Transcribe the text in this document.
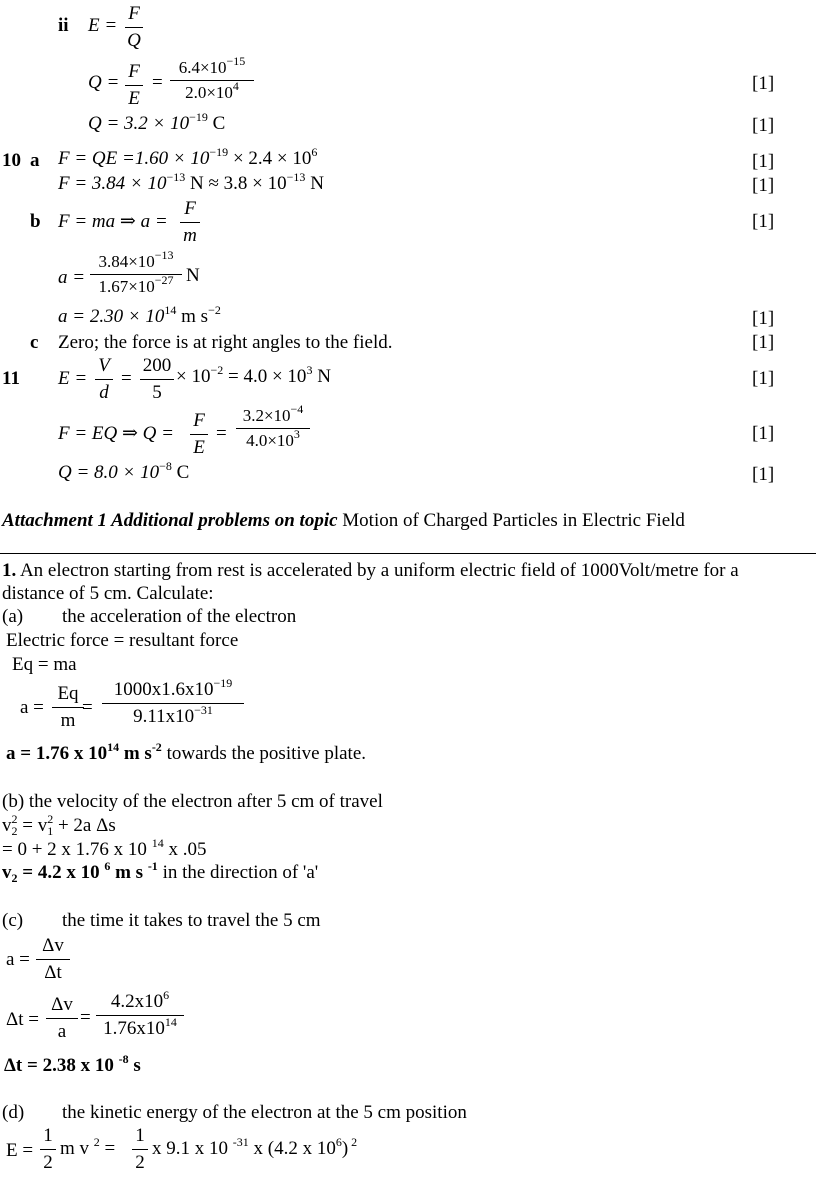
ii E =
F
Q
Q =
F
E
=
$6.4\times 10^{-15}$
$2.0\times 10^4$	[1]
$Q = 3.2 \times 10^{-19}$ C	[1]
10 a F = QE $=1.60 \times 10^{-19} \times 2.4 \times 10^6$	[1]
$F = 3.84 \times 10^{-13}$ $N \approx 3.8 \times 10^{-13}$ N	[1]
b F = ma ⇒ a =
F
m
[1]
a =
$3.84\times 10^{-13}$
$1.67\times 10^{-27}$ N
$a = 2.30 \times 10^{14}$ m $s^{-2}$	[1]
c Zero; the force is at right angles to the field.	[1]
11 E =
V
d
=
200
5
× $10^{-2} = 4.0 \times 10^3$ N	[1]
F = EQ ⇒ Q =
F
E
=
$3.2\times 10^{-4}$
$4.0\times 10^3$	[1]
$Q = 8.0 \times 10^{-8}$ C	[1]
Attachment 1 Additional problems on topic Motion of Charged Particles in Electric Field
1. An electron starting from rest is accelerated by a uniform electric field of 1000Volt/metre for a
distance of 5 cm. Calculate:
(a) the acceleration of the electron
Electric force = resultant force
Eq = ma
a =
Eq
m
=
$1000x1.6x10^{-19}$
$9.11x10^{-31}$
a = 1.76 x $10^{14}$ m $s^{-2}$ towards the positive plate.
(b) the velocity of the electron after 5 cm of travel
$v_2^2 = v_1^2 + 2a$ Δs
= 0 + 2 x 1.76 x 10 $^{14}$ x .05
$v_2 = 4.2$ x 10 $^6$ m s $^{-1}$ in the direction of 'a'
(c) the time it takes to travel the 5 cm
a =
Δv
Δt
Δt =
Δv
a
=
$4.2x10^6$
$1.76x10^{14}$
Δt = 2.38 x 10 $^{-8}$ s
(d) the kinetic energy of the electron at the 5 cm position
E =
1
2
m v $^2$ =
1
2
x 9.1 x 10 $^{-31}$ x (4.2 x $10^6$) $^2$
